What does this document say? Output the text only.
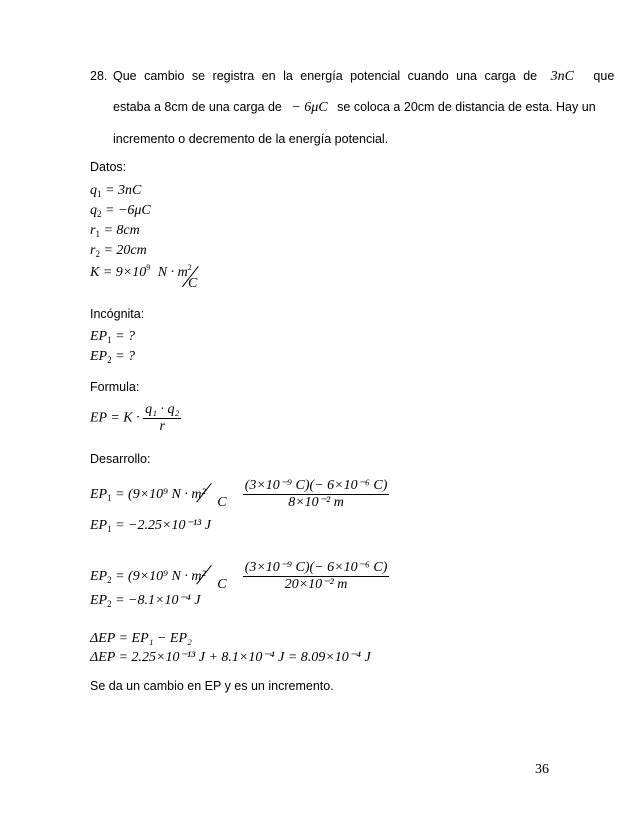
28. Que cambio se registra en la energía potencial cuando una carga de 3nC que
estaba a 8cm de una carga de − 6μC se coloca a 20cm de distancia de esta. Hay un
incremento o decremento de la energía potencial.
Datos:
$q_1 = 3nC$
$q_2 = -6\mu C$
$r_1 = 8cm$
$r_2 = 20cm$
$K = 9\times 10^9$ $N \cdot m^2$
C
Incógnita:
$EP_1$ = ?
$EP_2$ = ?
Formula:
EP = $K \cdot \frac{\text{q₁ · q₂}}{r}$
Desarrollo:
$EP_1 = (9\times 10^9$ N · m²
C
$\frac{\text{(3×10⁻⁹ C)(− 6×10⁻⁶ C)}}{\text{8×10⁻² m}}$
$EP_1 = -2.25\times 10^{-13}$ J
$EP_2 = (9\times 10^9$ N · m²
C
$\frac{\text{(3×10⁻⁹ C)(− 6×10⁻⁶ C)}}{\text{20×10⁻² m}}$
$EP_2 = -8.1\times 10^{-4}$ J
ΔEP = EP₁ − EP₂
ΔEP = 2.25×10⁻¹³ J + 8.1×10⁻⁴ J = 8.09×10⁻⁴ J
Se da un cambio en EP y es un incremento.
36
